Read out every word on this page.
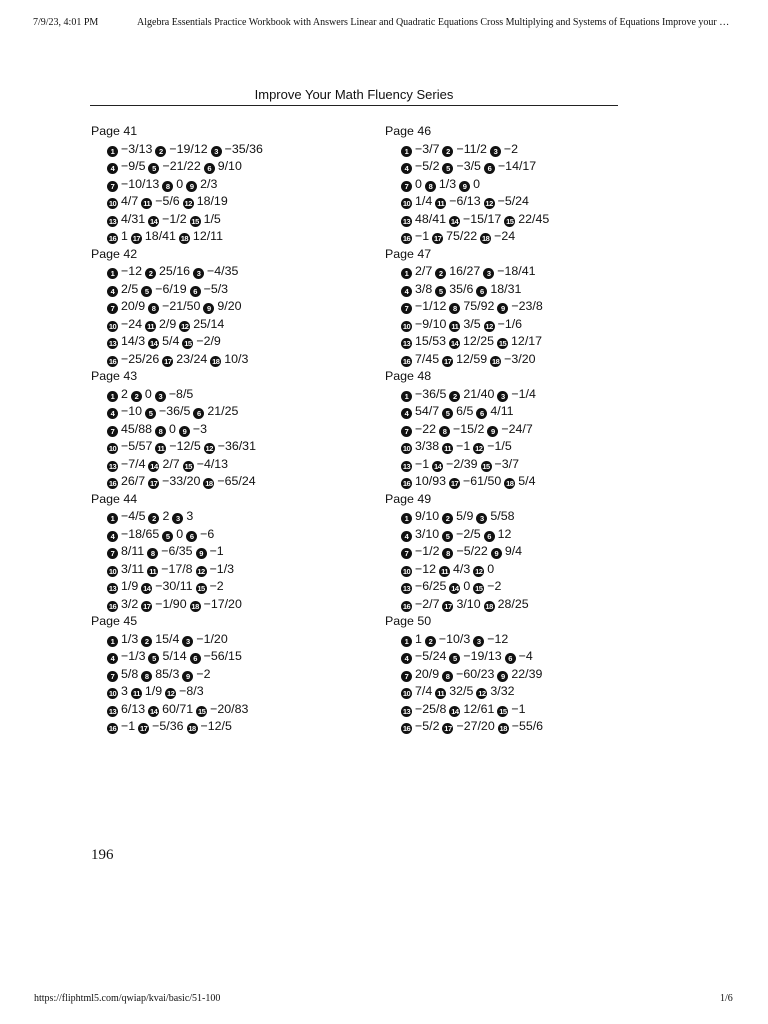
7/9/23, 4:01 PM	Algebra Essentials Practice Workbook with Answers Linear and Quadratic Equations Cross Multiplying and Systems of Equations Improve your …
Improve Your Math Fluency Series
Page 41
1 −3/13 2 −19/12 3 −35/36
4 −9/5 5 −21/22 6 9/10
7 −10/13 8 0 9 2/3
10 4/7 11 −5/6 12 18/19
13 4/31 14 −1/2 15 1/5
16 1 17 18/41 18 12/11
Page 42
1 −12 2 25/16 3 −4/35
4 2/5 5 −6/19 6 −5/3
7 20/9 8 −21/50 9 9/20
10 −24 11 2/9 12 25/14
13 14/3 14 5/4 15 −2/9
16 −25/26 17 23/24 18 10/3
Page 43
1 2 2 0 3 −8/5
4 −10 5 −36/5 6 21/25
7 45/88 8 0 9 −3
10 −5/57 11 −12/5 12 −36/31
13 −7/4 14 2/7 15 −4/13
16 26/7 17 −33/20 18 −65/24
Page 44
1 −4/5 2 2 3 3
4 −18/65 5 0 6 −6
7 8/11 8 −6/35 9 −1
10 3/11 11 −17/8 12 −1/3
13 1/9 14 −30/11 15 −2
16 3/2 17 −1/90 18 −17/20
Page 45
1 1/3 2 15/4 3 −1/20
4 −1/3 5 5/14 6 −56/15
7 5/8 8 85/3 9 −2
10 3 11 1/9 12 −8/3
13 6/13 14 60/71 15 −20/83
16 −1 17 −5/36 18 −12/5
Page 46
1 −3/7 2 −11/2 3 −2
4 −5/2 5 −3/5 6 −14/17
7 0 8 1/3 9 0
10 1/4 11 −6/13 12 −5/24
13 48/41 14 −15/17 15 22/45
16 −1 17 75/22 18 −24
Page 47
1 2/7 2 16/27 3 −18/41
4 3/8 5 35/6 6 18/31
7 −1/12 8 75/92 9 −23/8
10 −9/10 11 3/5 12 −1/6
13 15/53 14 12/25 15 12/17
16 7/45 17 12/59 18 −3/20
Page 48
1 −36/5 2 21/40 3 −1/4
4 54/7 5 6/5 6 4/11
7 −22 8 −15/2 9 −24/7
10 3/38 11 −1 12 −1/5
13 −1 14 −2/39 15 −3/7
16 10/93 17 −61/50 18 5/4
Page 49
1 9/10 2 5/9 3 5/58
4 3/10 5 −2/5 6 12
7 −1/2 8 −5/22 9 9/4
10 −12 11 4/3 12 0
13 −6/25 14 0 15 −2
16 −2/7 17 3/10 18 28/25
Page 50
1 1 2 −10/3 3 −12
4 −5/24 5 −19/13 6 −4
7 20/9 8 −60/23 9 22/39
10 7/4 11 32/5 12 3/32
13 −25/8 14 12/61 15 −1
16 −5/2 17 −27/20 18 −55/6
196
https://fliphtml5.com/qwiap/kvai/basic/51-100	1/6
